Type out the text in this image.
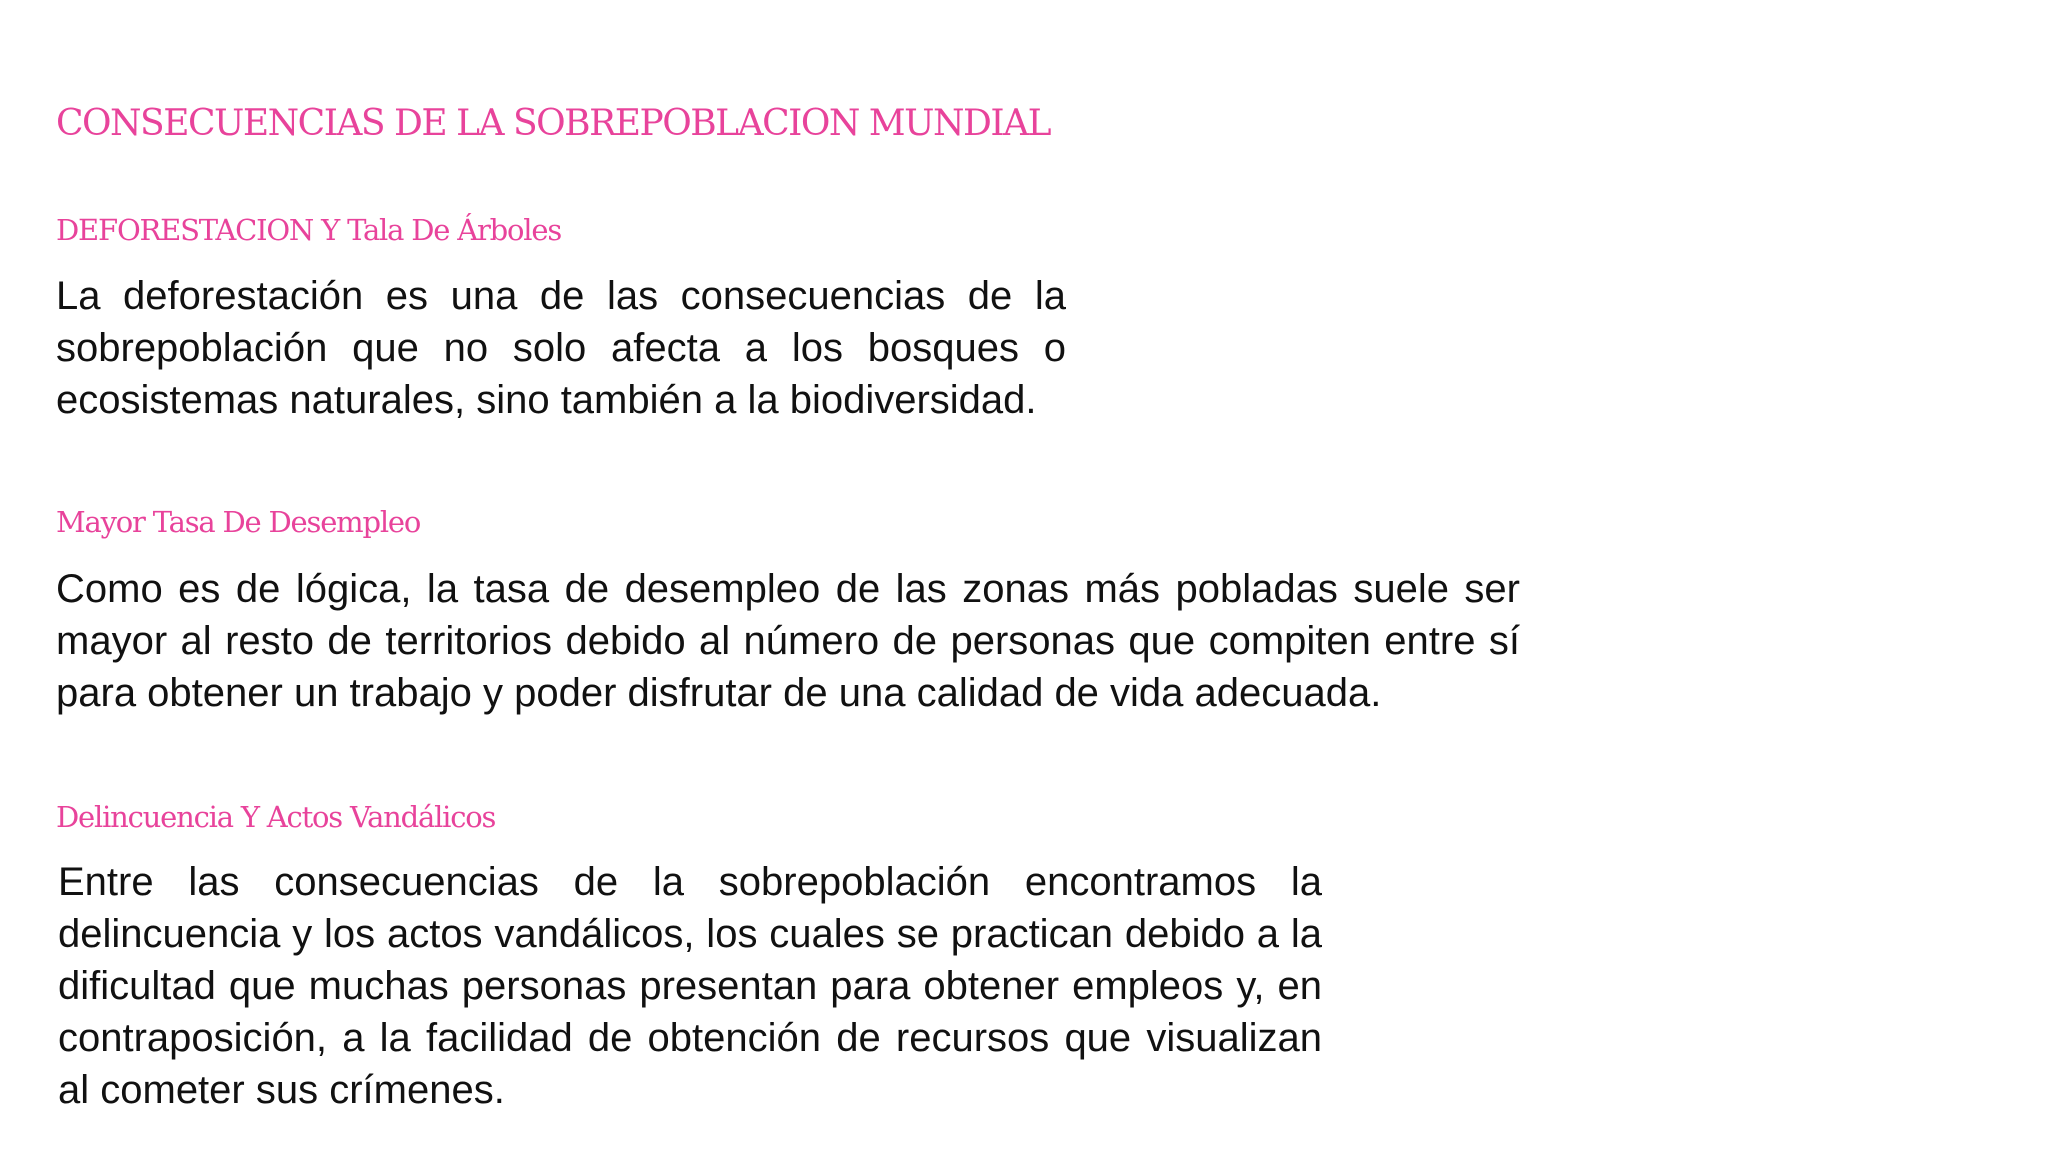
CONSECUENCIAS DE LA SOBREPOBLACION MUNDIAL
DEFORESTACION Y Tala De Árboles

La deforestación es una de las consecuencias de la sobrepoblación que no solo afecta a los bosques o ecosistemas naturales, sino también a la biodiversidad.

Mayor Tasa De Desempleo

Como es de lógica, la tasa de desempleo de las zonas más pobladas suele ser mayor al resto de territorios debido al número de personas que compiten entre sí para obtener un trabajo y poder disfrutar de una calidad de vida adecuada.

Delincuencia Y Actos Vandálicos

Entre las consecuencias de la sobrepoblación encontramos la delincuencia y los actos vandálicos, los cuales se practican debido a la dificultad que muchas personas presentan para obtener empleos y, en contraposición, a la facilidad de obtención de recursos que visualizan al cometer sus crímenes.
